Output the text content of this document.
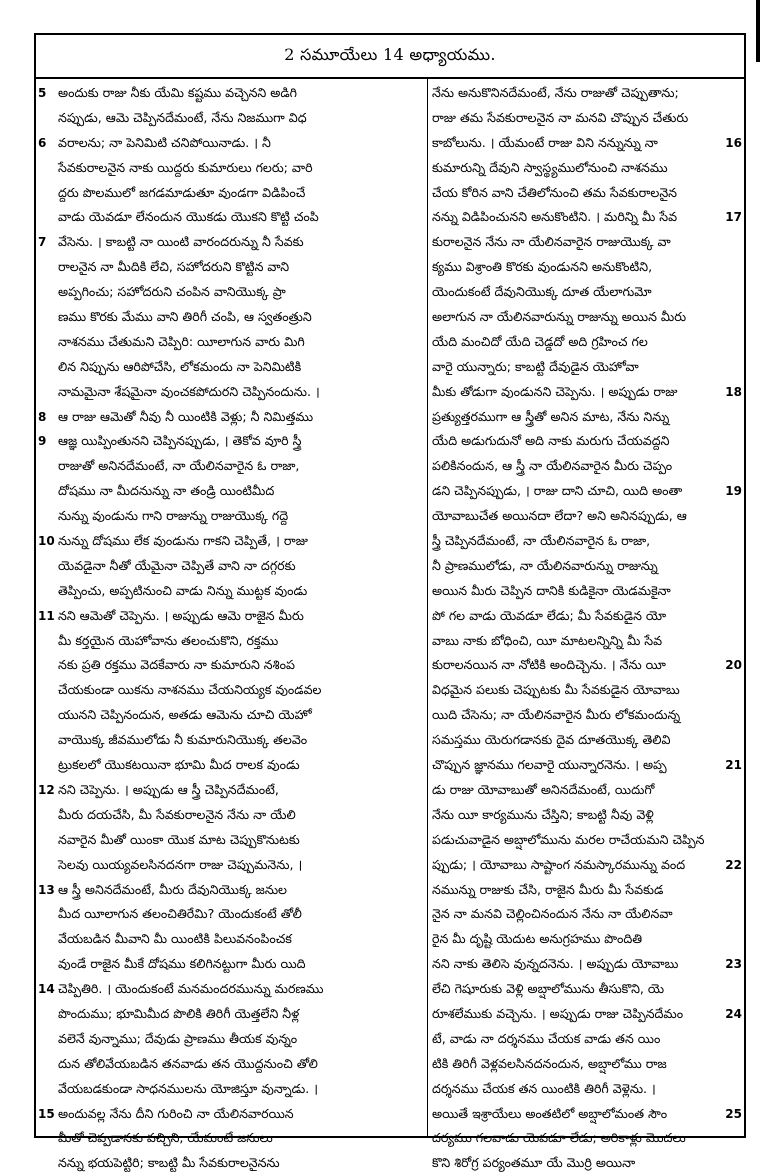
2 సమూయేలు 14 అధ్యాయము.
5 అందుకు రాజు నీకు యేమి కష్టము వచ్చెనని అడిగి
నప్పుడు, ఆమె చెప్పినదేమంటే, నేను నిజముగా విధ
6 వరాలను; నా పెనిమిటి చనిపోయినాడు. । నీ
సేవకురాలనైన నాకు యిద్దరు కుమారులు గలరు; వారి
ద్దరు పొలములో జగడమాడుతూ వుండగా విడిపించే
వాడు యెవడూ లేనందున యొకడు యొకని కొట్టి చంపి
7 వేసెను. । కాబట్టి నా యింటి వారందరున్ను నీ సేవకు
రాలనైన నా మీదికి లేచి, సహోదరుని కొట్టిన వాని
అప్పగించు; సహోదరుని చంపిన వానియొక్క ప్రా
ణము కొరకు మేము వాని తిరిగీ చంపి, ఆ స్వతంత్రుని
నాశనము చేతుమని చెప్పిరి: యీలాగున వారు మిగి
లిన నిప్పును ఆరిపోచేసి, లోకమందు నా పెనిమిటికి
నామమైనా శేషమైనా వుంచకపోదురని చెప్పినందును. ।
8 ఆ రాజు ఆమెతో నీవు నీ యింటికి వెళ్లు; నీ నిమిత్తము
9 ఆజ్ఞ యిప్పింతునని చెప్పినప్పుడు, । తెకోవ వూరి స్త్రీ
రాజుతో అనినదేమంటే, నా యేలినవారైన ఓ రాజా,
దోషము నా మీదనున్ను నా తండ్రి యింటిమీద
నున్ను వుండును గాని రాజున్ను రాజుయొక్క గద్దె
10 నున్ను దోషము లేక వుండును గాకని చెప్పితే, । రాజు
యెవడైనా నీతో యేమైనా చెప్పితే వాని నా దగ్గరకు
తెప్పించు, అప్పటినుంచి వాడు నిన్ను ముట్టక వుండు
11 నని ఆమెతో చెప్పెను. । అప్పుడు ఆమె రాజైన మీరు
మీ కర్తయైన యెహోవాను తలంచుకొని, రక్తము
నకు ప్రతి రక్తము వెదకేవారు నా కుమారుని నశింప
చేయకుండా యికను నాశనము చేయనియ్యక వుండవల
యునని చెప్పినందున, అతడు ఆమెను చూచి యెహో
వాయొక్క జీవములోడు నీ కుమారునియొక్క తలవెం
ట్రుకలలో యొకటయినా భూమి మీద రాలక వుండు
12 నని చెప్పెను. । అప్పుడు ఆ స్త్రీ చెప్పినదేమంటే,
మీరు దయచేసి, మీ సేవకురాలనైన నేను నా యేలి
నవారైన మీతో యింకా యొక మాట చెప్పుకొనుటకు
సెలవు యియ్యవలసినదనగా రాజు చెప్పుమనెను, ।
13 ఆ స్త్రీ అనినదేమంటే, మీరు దేవునియొక్క జనుల
మీద యీలాగున తలంచితిరేమి? యెందుకంటే తోలీ
వేయబడిన మీవాని మీ యింటికి పిలువనంపించక
వుండే రాజైన మీకే దోషము కలిగినట్టుగా మీరు యిది
14 చెప్పితిరి. । యెందుకంటే మనమందరమున్ను మరణము
పొందుము; భూమిమీద పొలికి తిరిగీ యెత్తలేని నీళ్ల
వలెనే వున్నాము; దేవుడు ప్రాణము తీయక వున్నం
దున తోలివేయబడిన తనవాడు తన యొద్దనుంచి తోలి
వేయబడకుండా సాధనములను యోజిస్తూ వున్నాడు. ।
15 అందువల్ల నేను దీని గురించి నా యేలినవారయిన
మీతో చెప్పడానకు వచ్చిని, యేమంటే జనులు
నన్ను భయపెట్టిరి; కాబట్టి మీ సేవకురాలనైనను
నేను అనుకొనినదేమంటే, నేను రాజుతో చెప్పుతాను;
రాజు తమ సేవకురాలనైన నా మనవి చొప్పున చేతురు
16
కాబోలును. । యేమంటే రాజు విని నన్నున్ను నా
కుమారున్ని దేవుని స్వాస్థ్యములోనుంచి నాశనము
చేయ కోరిన వాని చేతిలోనుంచి తమ సేవకురాలనైన
17
నన్ను విడిపించునని అనుకొంటిని. । మరిన్ని మీ సేవ
కురాలనైన నేను నా యేలినవారైన రాజుయొక్క వా
క్యము విశ్రాంతి కొరకు వుండునని అనుకొంటిని,
యెందుకంటే దేవునియొక్క దూత యేలాగుమో
అలాగున నా యేలినవారున్ను రాజున్ను అయిన మీరు
యేది మంచిదో యేది చెడ్డదో అది గ్రహించ గల
వారై యున్నారు; కాబట్టి దేవుడైన యెహోవా
18
మీకు తోడుగా వుండునని చెప్పెను. । అప్పుడు రాజు
ప్రత్యుత్తరముగా ఆ స్త్రీతో అనిన మాట, నేను నిన్ను
యేది అడుగుదునో అది నాకు మరుగు చేయవద్దని
పలికినందున, ఆ స్త్రీ నా యేలినవారైన మీరు చెప్పం
19
డని చెప్పినప్పుడు, । రాజు దాని చూచి, యిది అంతా
యోవాబుచేత అయినదా లేదా? అని అనినప్పుడు, ఆ
స్త్రీ చెప్పినదేమంటే, నా యేలినవారైన ఓ రాజా,
నీ ప్రాణములోడు, నా యేలినవారున్ను రాజున్ను
అయిన మీరు చెప్పిన దానికి కుడికైనా యెడమకైనా
పో గల వాడు యెవడూ లేడు; మీ సేవకుడైన యో
వాబు నాకు బోధించి, యీ మాటలన్నిన్ని మీ సేవ
20
కురాలనయిన నా నోటికి అందిచ్చెను. । నేను యీ
విధమైన పలుకు చెప్పుటకు మీ సేవకుడైన యోవాబు
యిది చేసెను; నా యేలినవారైన మీరు లోకమందున్న
సమస్తము యెరుగడానకు దైవ దూతయొక్క తెలివి
21
చొప్పున జ్ఞానము గలవారై యున్నారనెను. । అప్ప
డు రాజు యోవాబుతో అనినదేమంటే, యిదుగో
నేను యీ కార్యమును చేస్తిని; కాబట్టి నీవు వెళ్లి
పడుచువాడైన అబ్షాలోమును మరల రాచేయమని చెప్పిన
22
ప్పుడు; । యోవాబు సాష్టాంగ నమస్కారమున్ను వంద
నమున్ను రాజుకు చేసి, రాజైన మీరు మీ సేవకుడ
నైన నా మనవి చెల్లించినందున నేను నా యేలినవా
రైన మీ దృష్టి యెదుట అనుగ్రహము పొందితి
23
నని నాకు తెలిసె వున్నదనెను. । అప్పుడు యోవాబు
లేచి గెషూరుకు వెళ్లి అబ్షాలోమును తీసుకొని, యె
24
రూశలేముకు వచ్చెను. । అప్పుడు రాజు చెప్పినదేమం
టే, వాడు నా దర్శనము చేయక వాడు తన యిం
టికి తిరిగీ వెళ్లవలసినదనందున, అబ్షాలోము రాజ
దర్శనము చేయక తన యింటికి తిరిగీ వెళ్లెను. ।
25
అయితే ఇశ్రాయేలు అంతటిలో అబ్షాలోమంత సౌం
దర్యము గలవాడు యెవడూ లేడు; అరికాళ్లు మొదలు
కొని శిరోగ్ర పర్యంతమూ యే మొర్రి అయినా
